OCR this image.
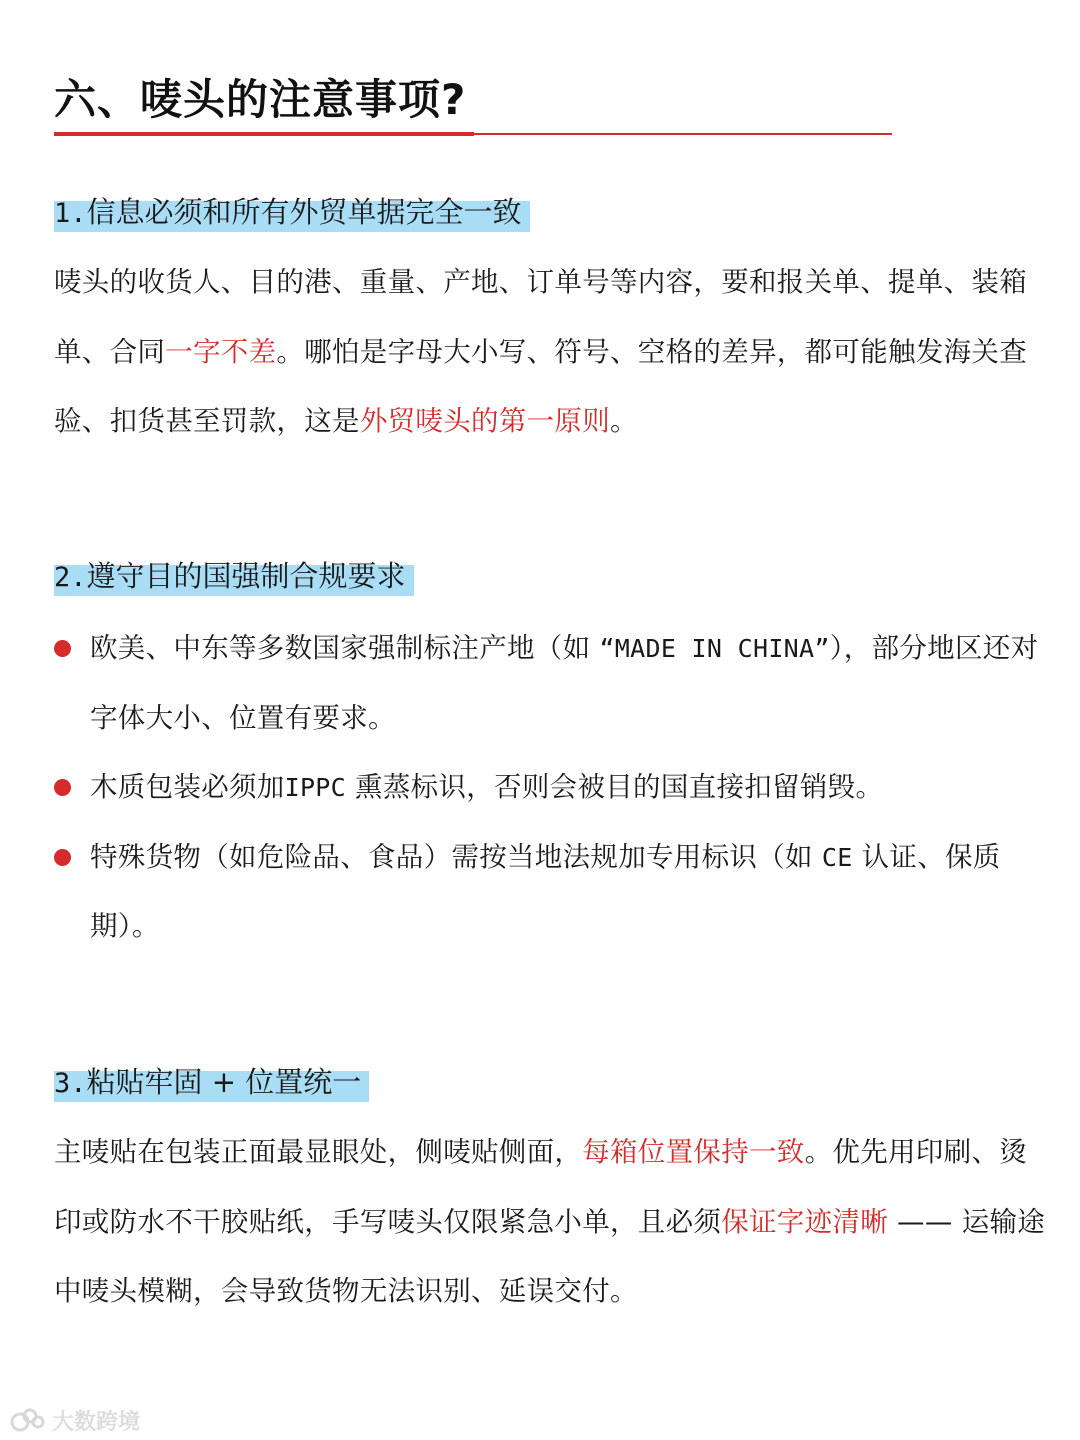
六、唛头的注意事项?
1.信息必须和所有外贸单据完全一致

唛头的收货人、目的港、重量、产地、订单号等内容，要和报关单、提单、装箱单、合同一字不差。哪怕是字母大小写、符号、空格的差异，都可能触发海关查验、扣货甚至罚款，这是外贸唛头的第一原则。

2.遵守目的国强制合规要求
欧美、中东等多数国家强制标注产地（如 “MADE IN CHINA”），部分地区还对字体大小、位置有要求。
木质包装必须加IPPC 熏蒸标识，否则会被目的国直接扣留销毁。
特殊货物（如危险品、食品）需按当地法规加专用标识（如 CE 认证、保质期）。
3.粘贴牢固 + 位置统一

主唛贴在包装正面最显眼处，侧唛贴侧面，每箱位置保持一致。优先用印刷、烫印或防水不干胶贴纸，手写唛头仅限紧急小单，且必须保证字迹清晰 —— 运输途中唛头模糊，会导致货物无法识别、延误交付。

大数跨境
